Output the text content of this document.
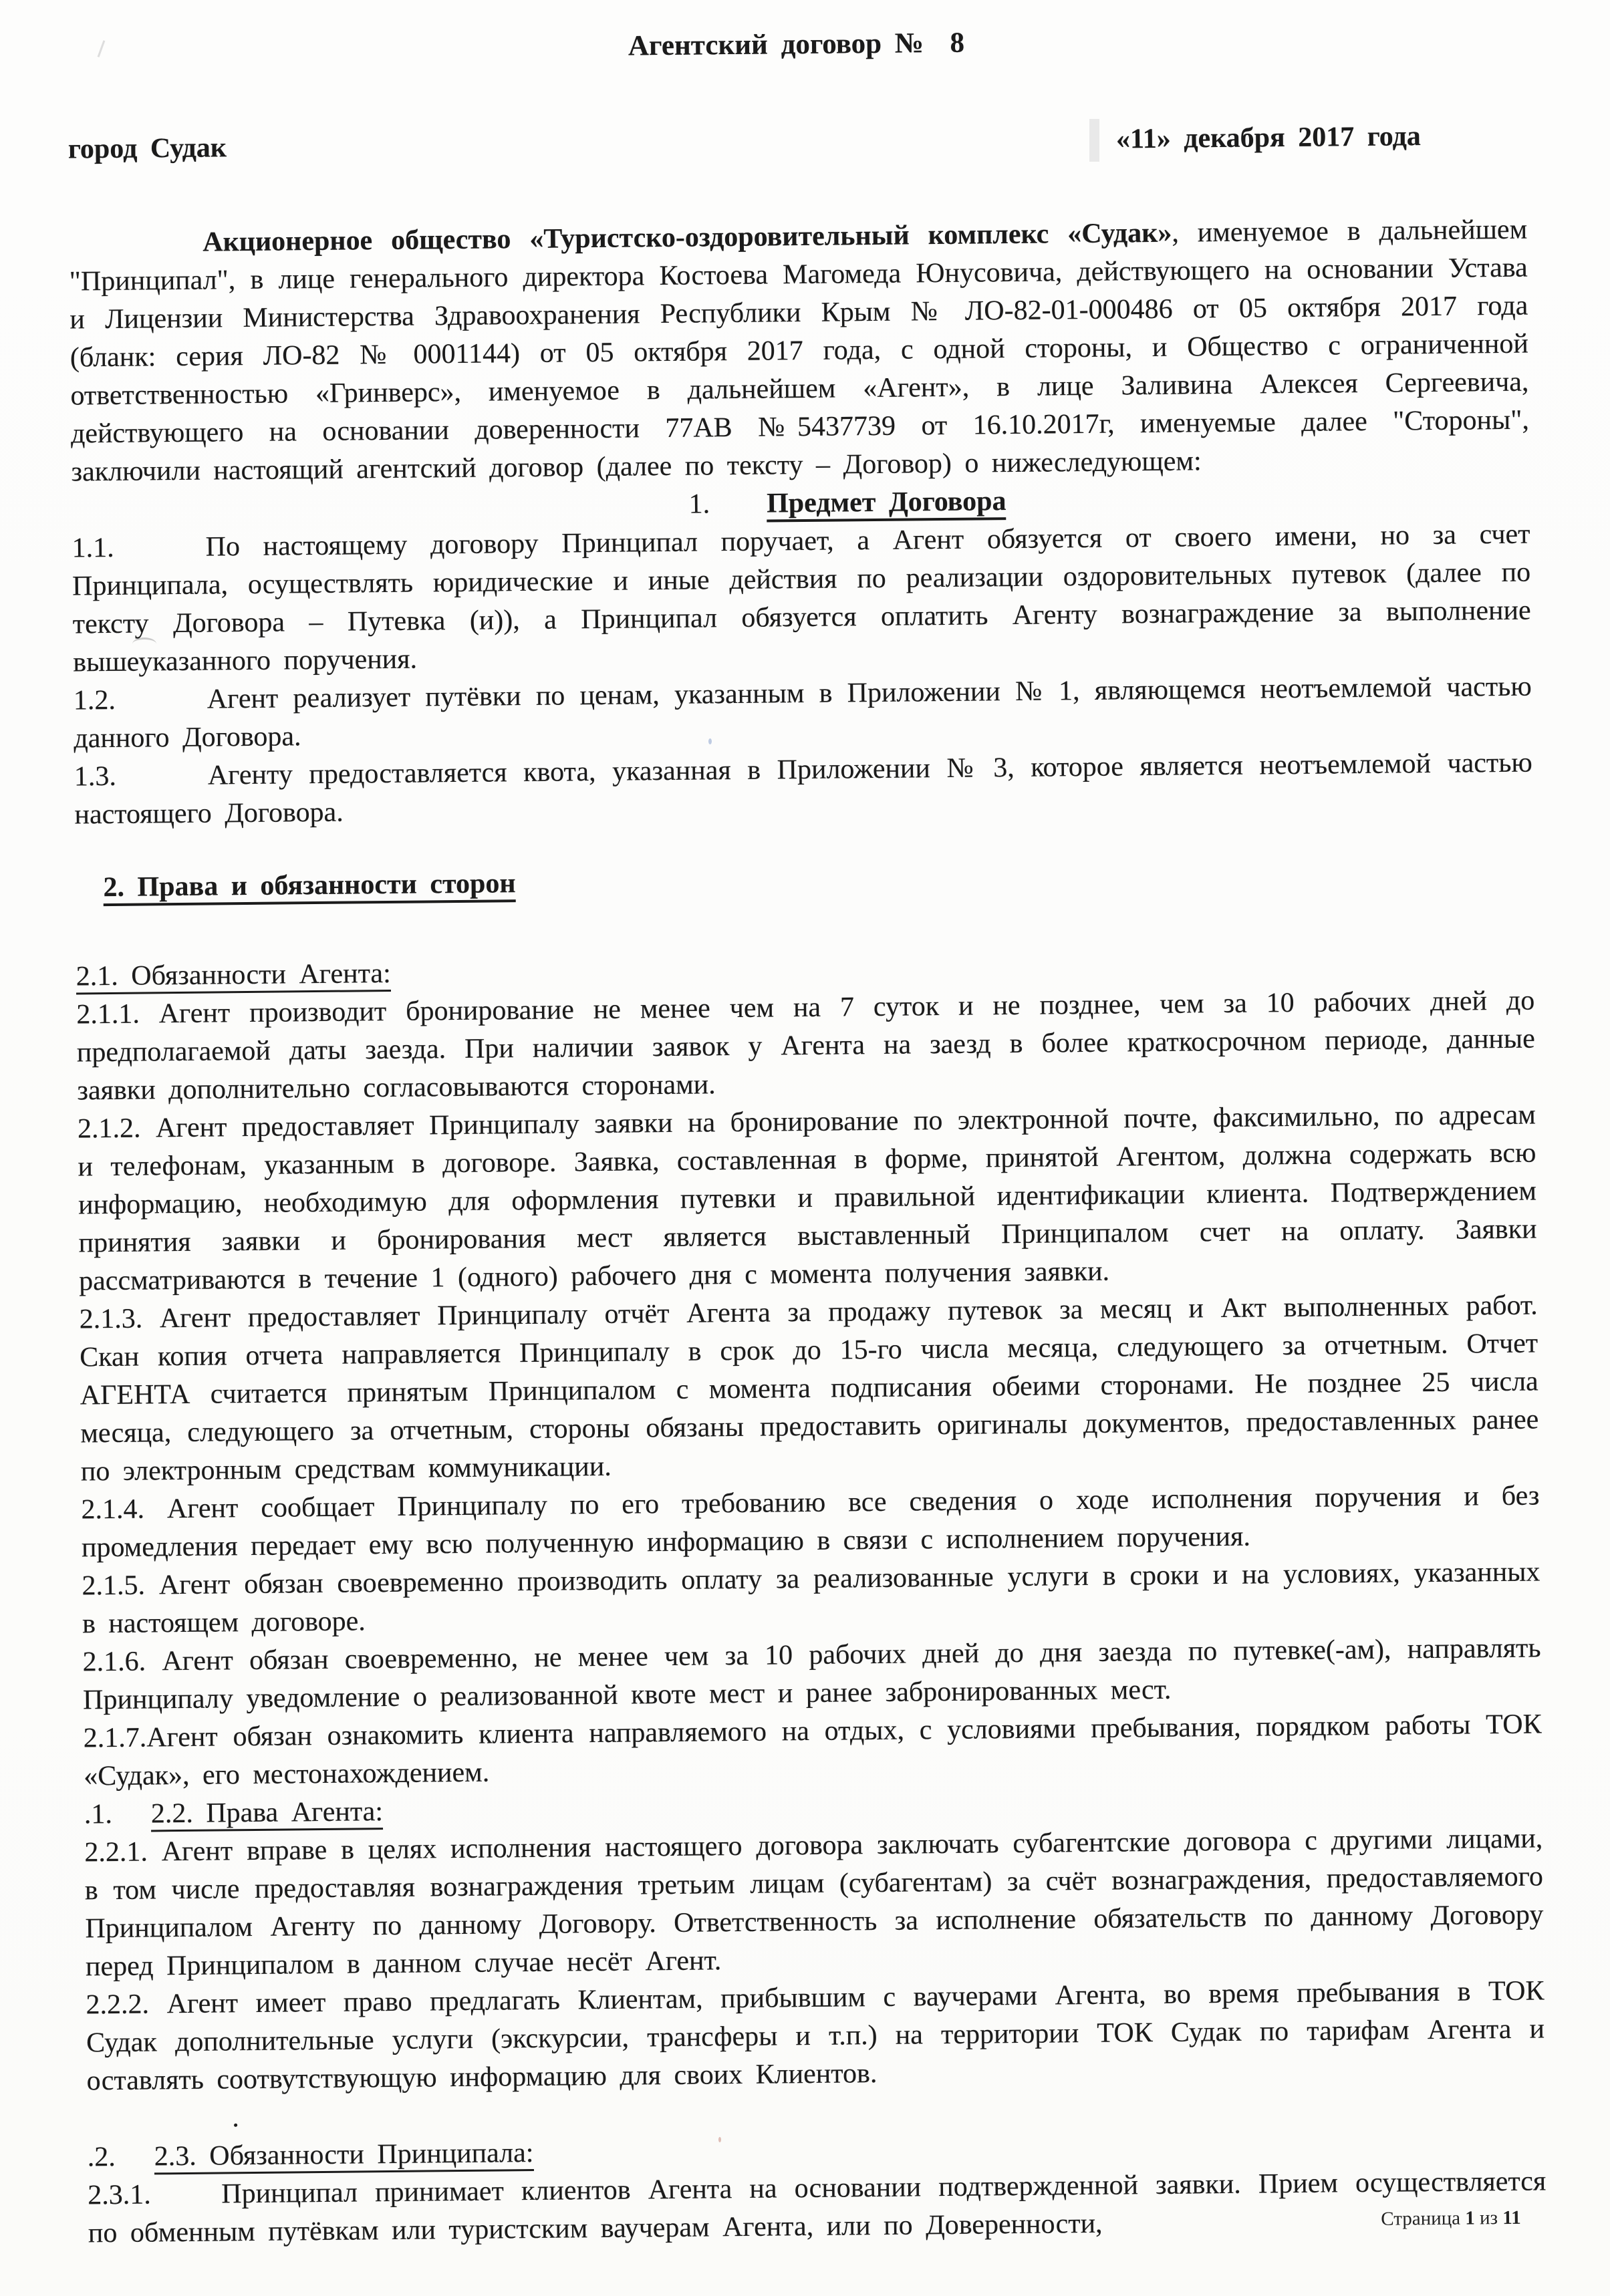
Агентский договор №  8

город Судак	«11» декабря 2017 года

Акционерное общество «Туристско-оздоровительный комплекс «Судак», именуемое в дальнейшем "Принципал", в лице генерального директора Костоева Магомеда Юнусовича, действующего на основании Устава и Лицензии Министерства Здравоохранения Республики Крым № ЛО-82-01-000486 от 05 октября 2017 года (бланк: серия ЛО-82 № 0001144) от 05 октября 2017 года, с одной стороны, и Общество с ограниченной ответственностью «Гринверс», именуемое в дальнейшем «Агент», в лице Заливина Алексея Сергеевича, действующего на основании доверенности 77АВ №5437739 от 16.10.2017г, именуемые далее "Стороны", заключили настоящий агентский договор (далее по тексту – Договор) о нижеследующем:

1. Предмет Договора

1.1.	По настоящему договору Принципал поручает, а Агент обязуется от своего имени, но за счет Принципала, осуществлять юридические и иные действия по реализации оздоровительных путевок (далее по тексту Договора – Путевка (и)), а Принципал обязуется оплатить Агенту вознаграждение за выполнение вышеуказанного поручения.

1.2.	Агент реализует путёвки по ценам, указанным в Приложении № 1, являющемся неотъемлемой частью данного Договора.

1.3.	Агенту предоставляется квота, указанная в Приложении № 3, которое является неотъемлемой частью настоящего Договора.

2. Права и обязанности сторон

2.1. Обязанности Агента:

2.1.1. Агент производит бронирование не менее чем на 7 суток и не позднее, чем за 10 рабочих дней до предполагаемой даты заезда. При наличии заявок у Агента на заезд в более краткосрочном периоде, данные заявки дополнительно согласовываются сторонами.

2.1.2. Агент предоставляет Принципалу заявки на бронирование по электронной почте, факсимильно, по адресам и телефонам, указанным в договоре. Заявка, составленная в форме, принятой Агентом, должна содержать всю информацию, необходимую для оформления путевки и правильной идентификации клиента. Подтверждением принятия заявки и бронирования мест является выставленный Принципалом счет на оплату. Заявки рассматриваются в течение 1 (одного) рабочего дня с момента получения заявки.

2.1.3. Агент предоставляет Принципалу отчёт Агента за продажу путевок за месяц и Акт выполненных работ. Скан копия отчета направляется Принципалу в срок до 15-го числа месяца, следующего за отчетным. Отчет АГЕНТА считается принятым Принципалом с момента подписания обеими сторонами. Не позднее 25 числа месяца, следующего за отчетным, стороны обязаны предоставить оригиналы документов, предоставленных ранее по электронным средствам коммуникации.

2.1.4. Агент сообщает Принципалу по его требованию все сведения о ходе исполнения поручения и без промедления передает ему всю полученную информацию в связи с исполнением поручения.

2.1.5. Агент обязан своевременно производить оплату за реализованные услуги в сроки и на условиях, указанных в настоящем договоре.

2.1.6. Агент обязан своевременно, не менее чем за 10 рабочих дней до дня заезда по путевке(-ам), направлять Принципалу уведомление о реализованной квоте мест и ранее забронированных мест.

2.1.7.Агент обязан ознакомить клиента направляемого на отдых, с условиями пребывания, порядком работы ТОК «Судак», его местонахождением.

.1. 2.2. Права Агента:

2.2.1. Агент вправе в целях исполнения настоящего договора заключать субагентские договора с другими лицами, в том числе предоставляя вознаграждения третьим лицам (субагентам) за счёт вознаграждения, предоставляемого Принципалом Агенту по данному Договору. Ответственность за исполнение обязательств по данному Договору перед Принципалом в данном случае несёт Агент.

2.2.2. Агент имеет право предлагать Клиентам, прибывшим с ваучерами Агента, во время пребывания в ТОК Судак дополнительные услуги (экскурсии, трансферы и т.п.) на территории ТОК Судак по тарифам Агента и оставлять соотвутствующую информацию для своих Клиентов.

.

.2. 2.3. Обязанности Принципала:

2.3.1.	Принципал принимает клиентов Агента на основании подтвержденной заявки. Прием осуществляется по обменным путёвкам или туристским ваучерам Агента, или по Доверенности,	Страница 1 из 11
